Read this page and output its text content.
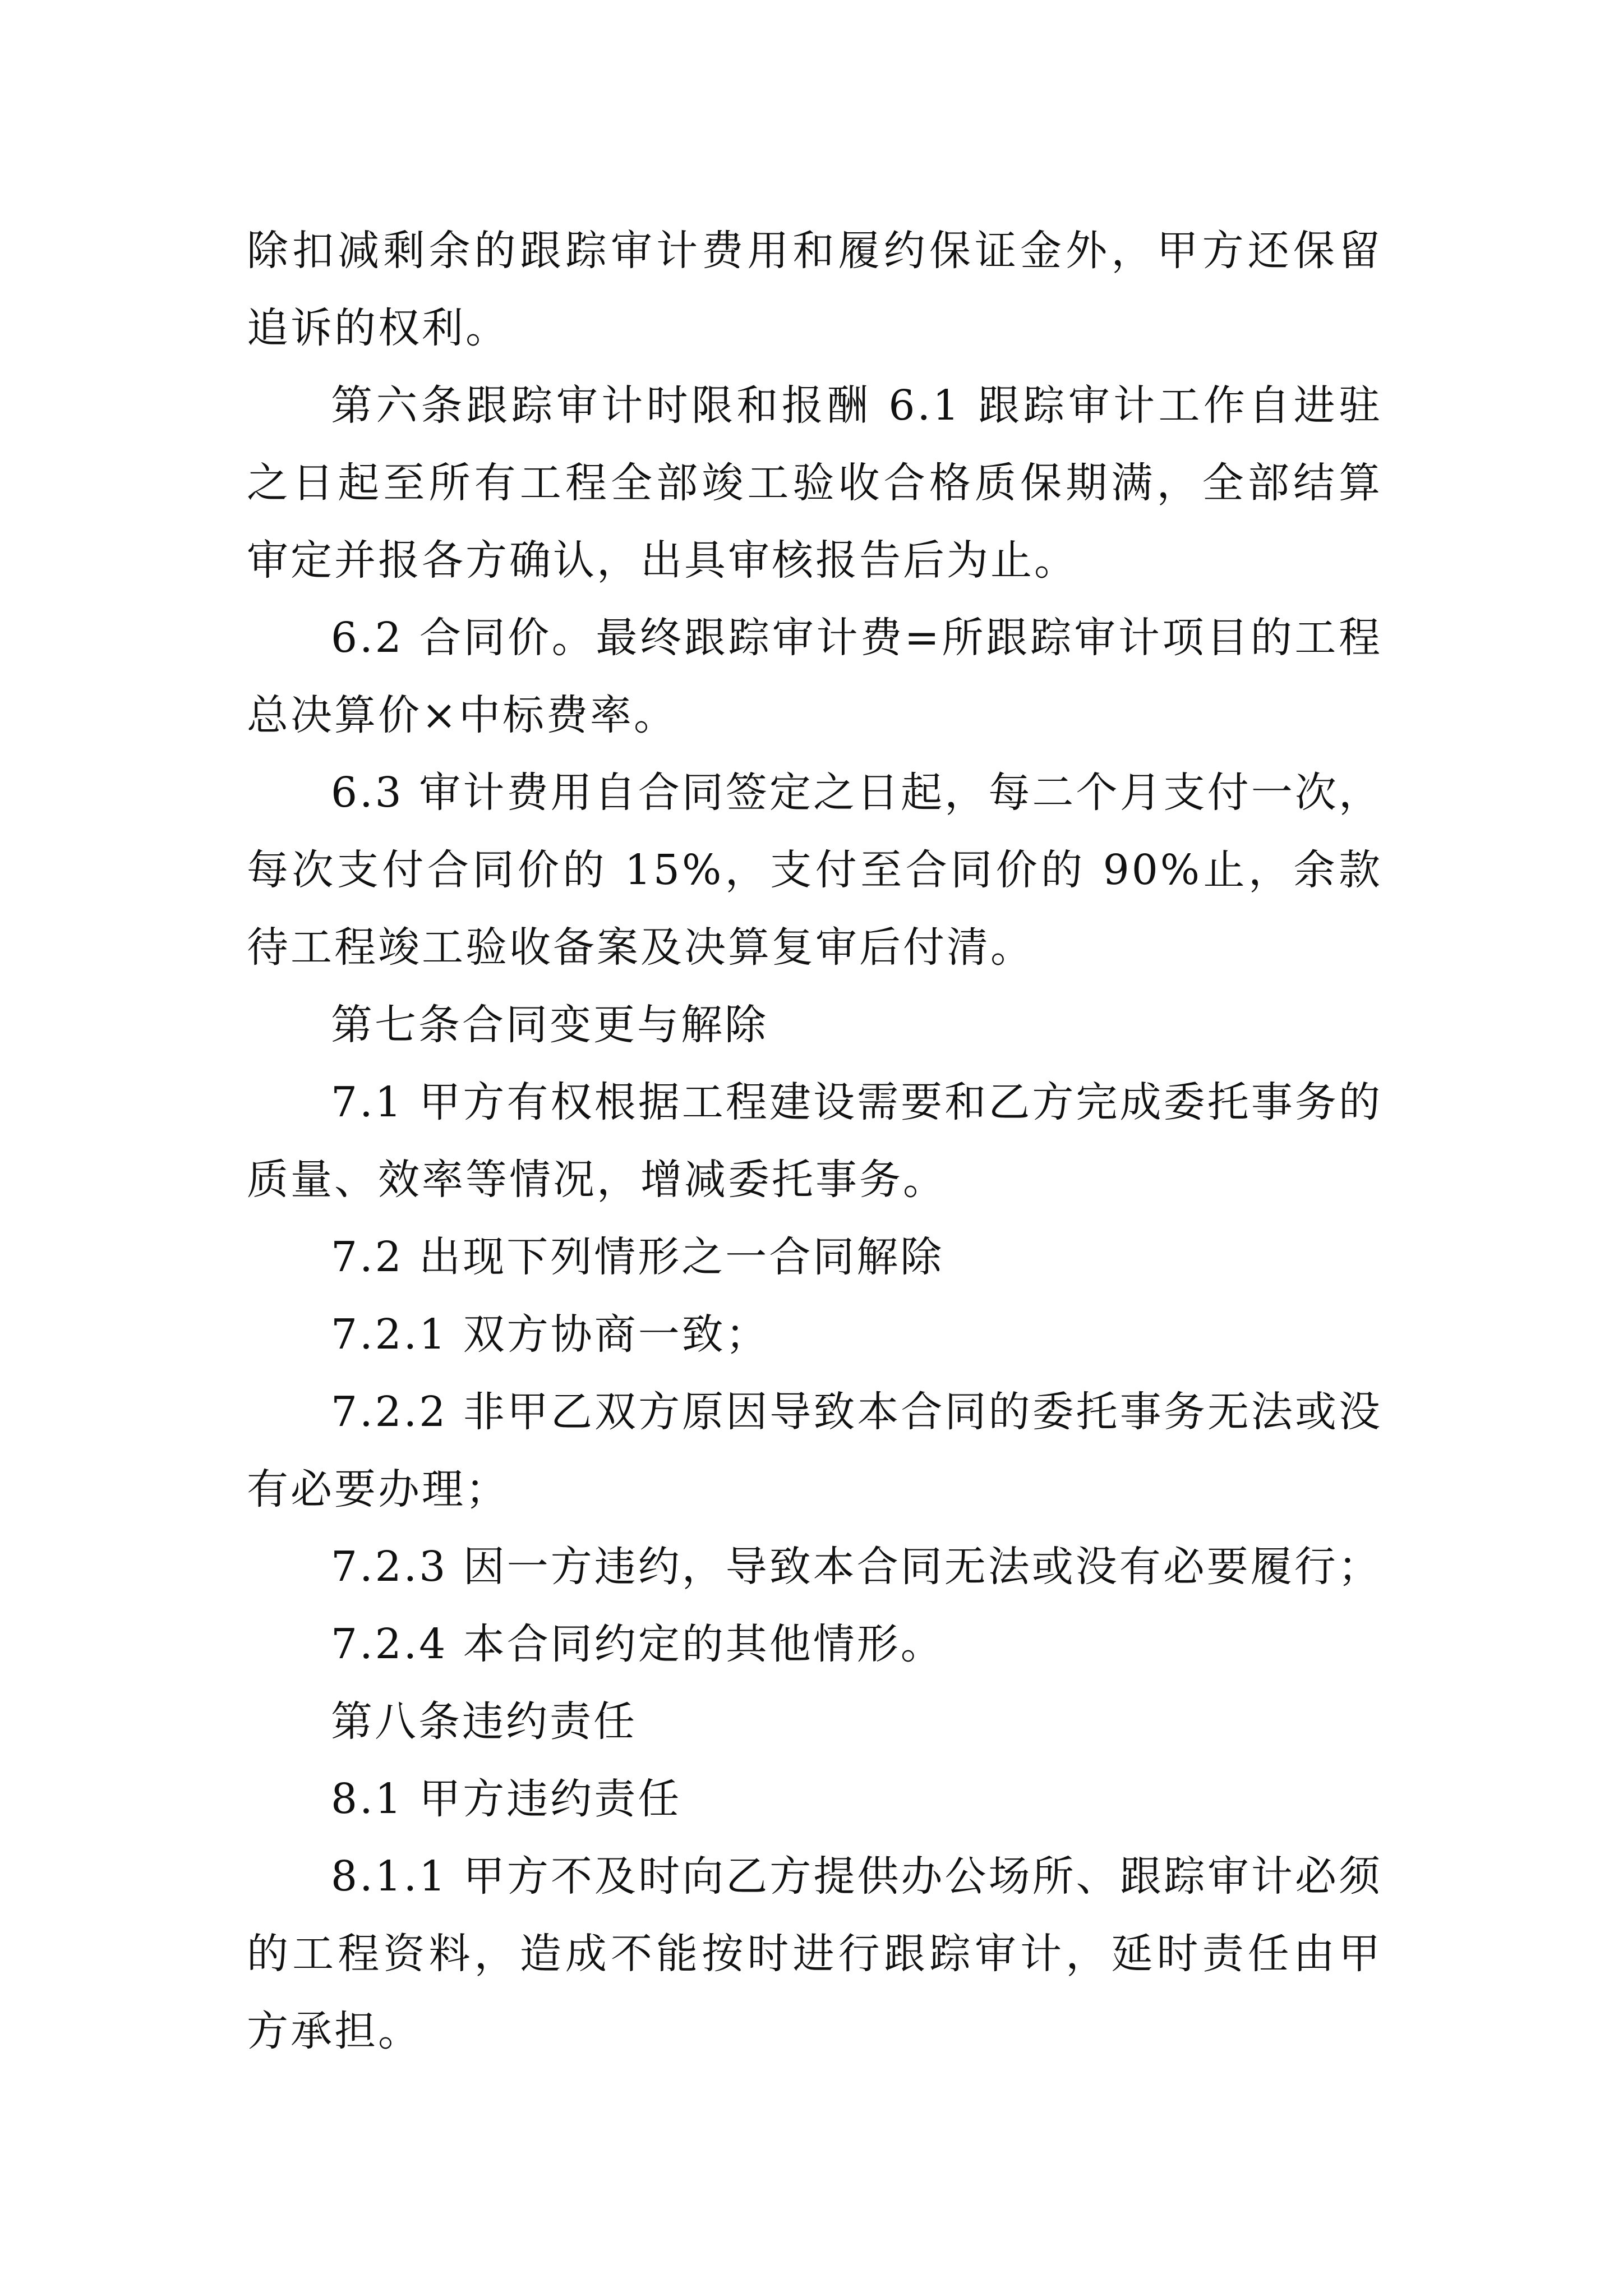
除扣减剩余的跟踪审计费用和履约保证金外，甲方还保留追诉的权利。

第六条跟踪审计时限和报酬 6.1 跟踪审计工作自进驻之日起至所有工程全部竣工验收合格质保期满，全部结算审定并报各方确认，出具审核报告后为止。

6.2 合同价。最终跟踪审计费=所跟踪审计项目的工程总决算价×中标费率。

6.3 审计费用自合同签定之日起，每二个月支付一次，每次支付合同价的 15%，支付至合同价的 90%止，余款待工程竣工验收备案及决算复审后付清。

第七条合同变更与解除

7.1 甲方有权根据工程建设需要和乙方完成委托事务的质量、效率等情况，增减委托事务。

7.2 出现下列情形之一合同解除

7.2.1 双方协商一致；

7.2.2 非甲乙双方原因导致本合同的委托事务无法或没有必要办理；

7.2.3 因一方违约，导致本合同无法或没有必要履行；

7.2.4 本合同约定的其他情形。

第八条违约责任

8.1 甲方违约责任

8.1.1 甲方不及时向乙方提供办公场所、跟踪审计必须的工程资料，造成不能按时进行跟踪审计，延时责任由甲方承担。
